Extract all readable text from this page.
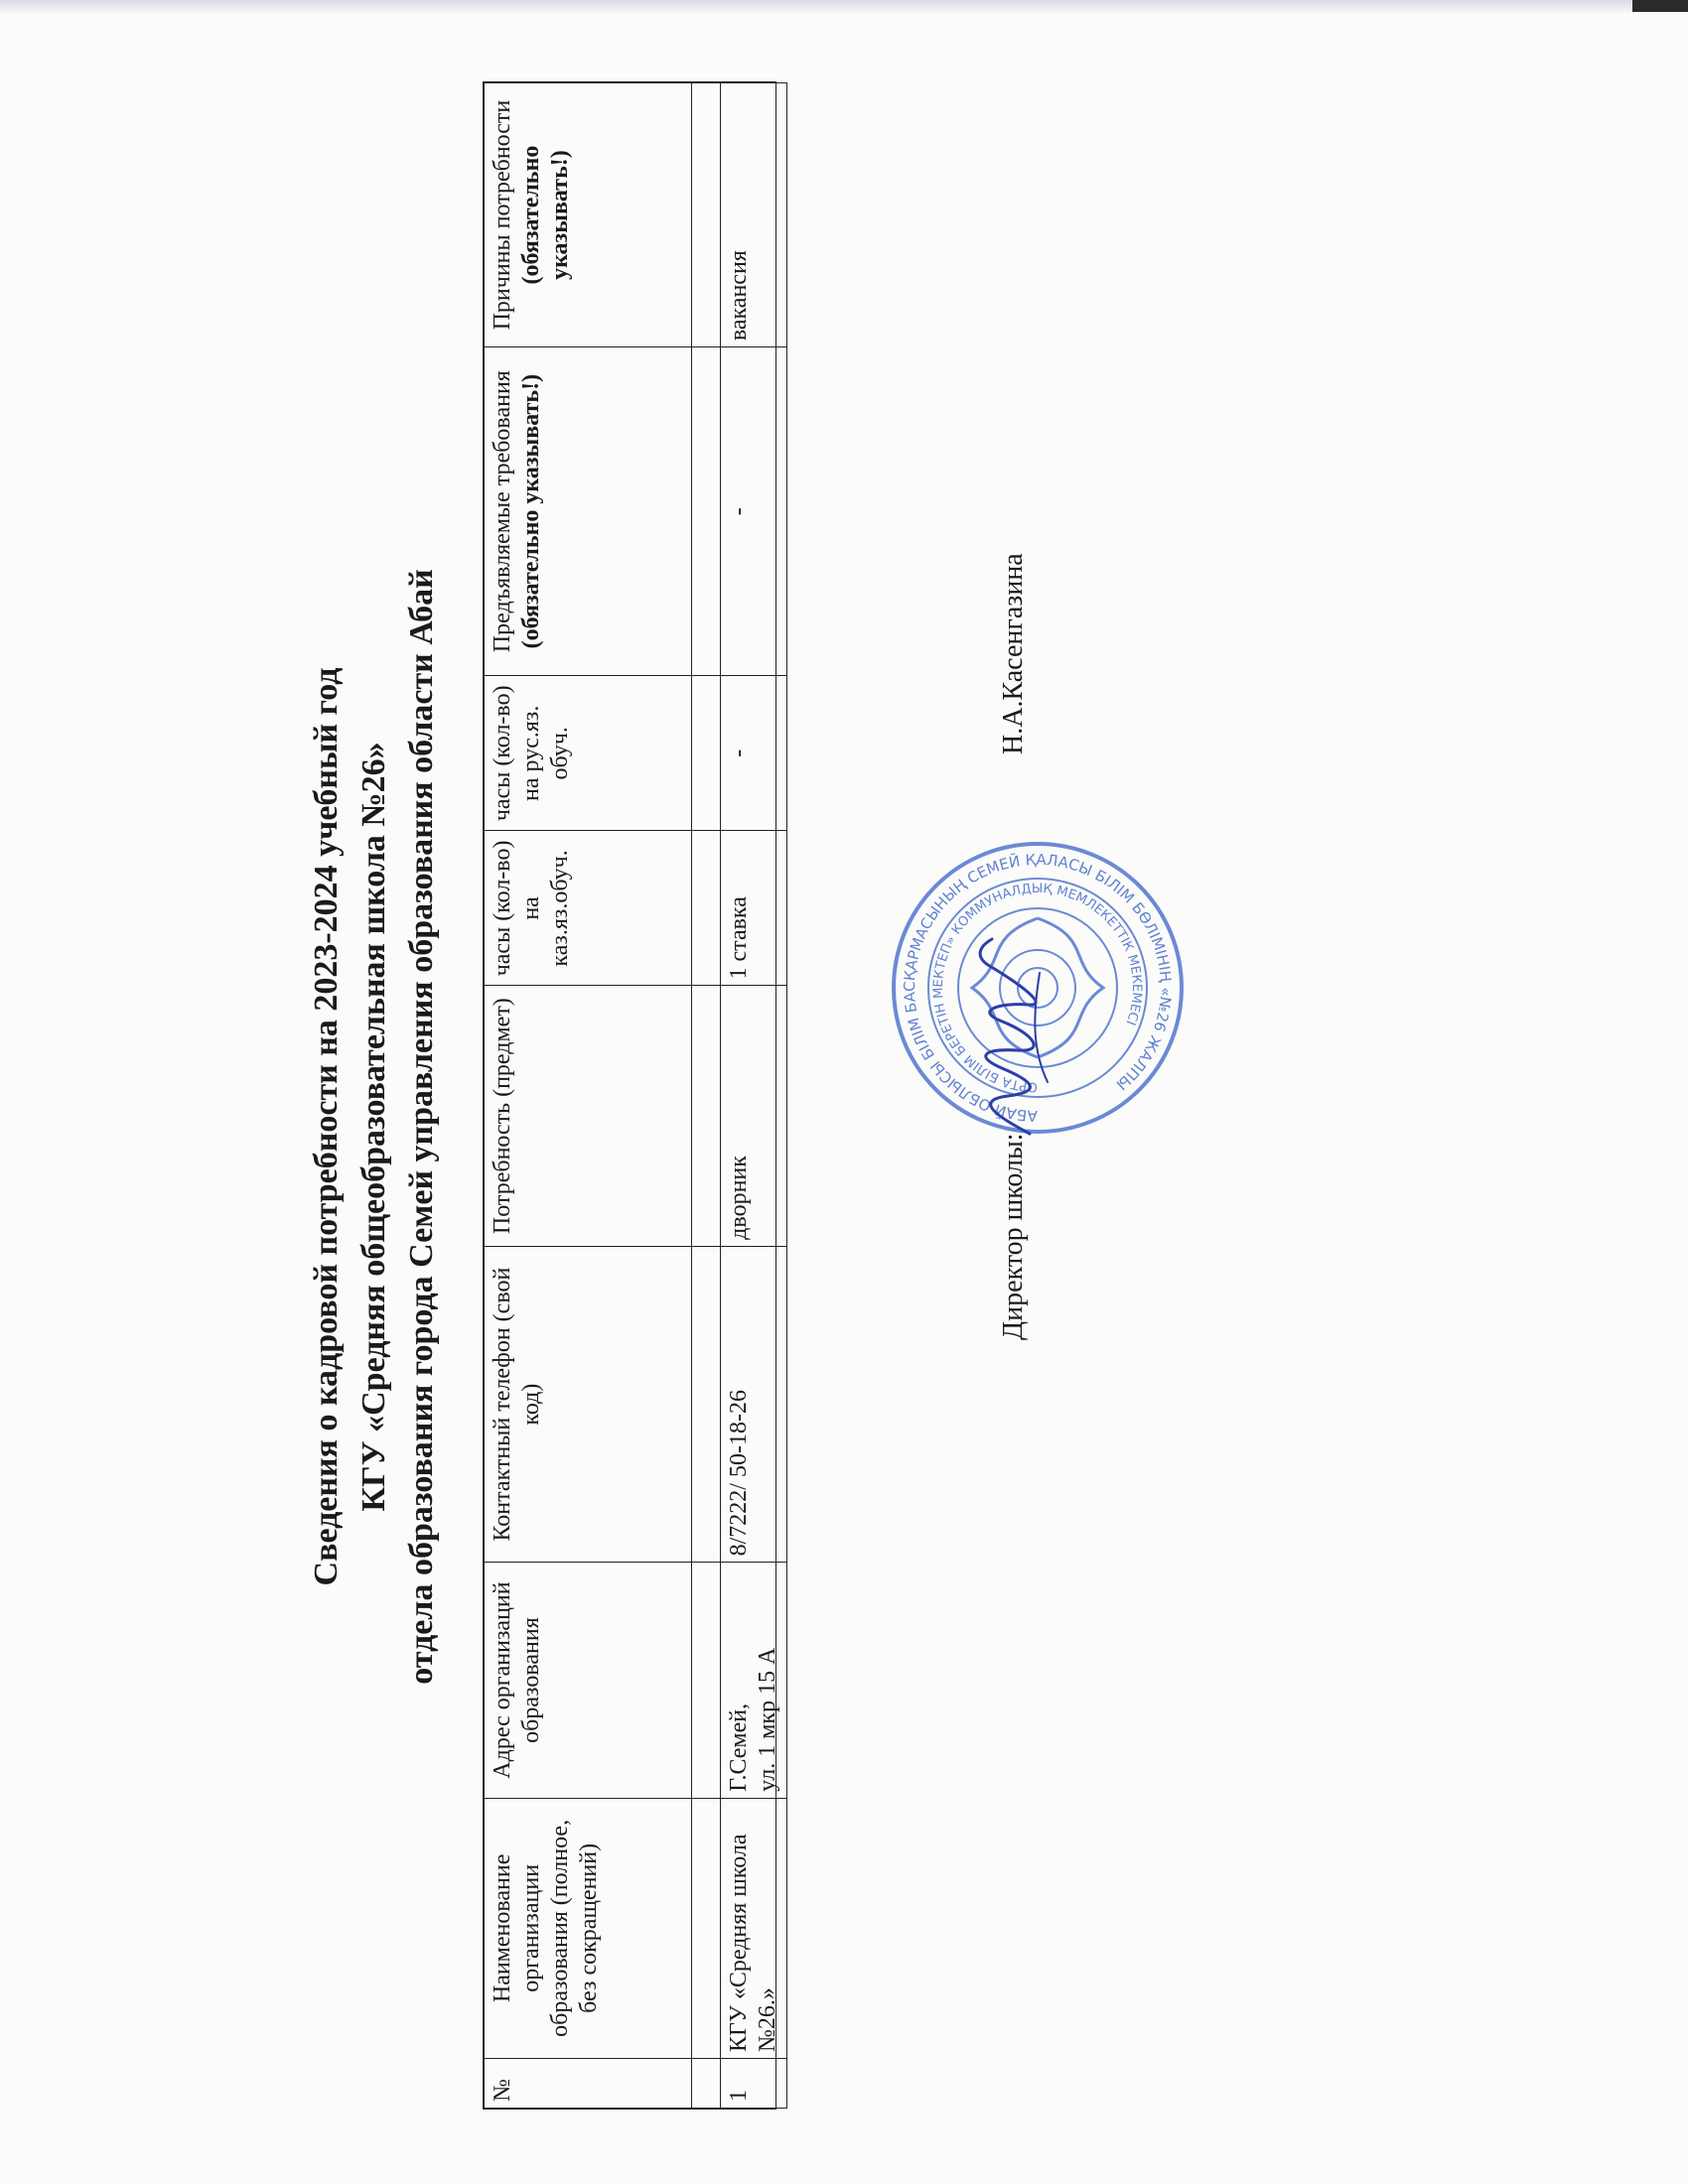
Сведения о кадровой потребности на 2023-2024 учебный год КГУ «Средняя общеобразовательная школа №26» отдела образования города Семей управления образования области Абай
№	Наименование организации образования (полное, без сокращений)	Адрес организаций образования	Контактный телефон (свой код)	Потребность (предмет)	часы (кол-во) на каз.яз.обуч.	часы (кол-во) на рус.яз. обуч.	Предъявляемые требования (обязательно указывать!)	Причины потребности (обязательно указывать!)

1	КГУ «Средняя школа №26.»	Г.Семей, ул. 1 мкр 15 А	8/7222/ 50-18-26	дворник	1 ставка	-	-	вакансия
АБАЙ ОБЛЫСЫ БІЛІМ БАСҚАРМАСЫНЫҢ СЕМЕЙ ҚАЛАСЫ БІЛІМ БӨЛІМІНІҢ «№26 ЖАЛПЫ
ОРТА БІЛІМ БЕРЕТІН МЕКТЕП» КОММУНАЛДЫҚ МЕМЛЕКЕТТІК МЕКЕМЕСІ
Директор школы:
Н.А.Касенгазина
